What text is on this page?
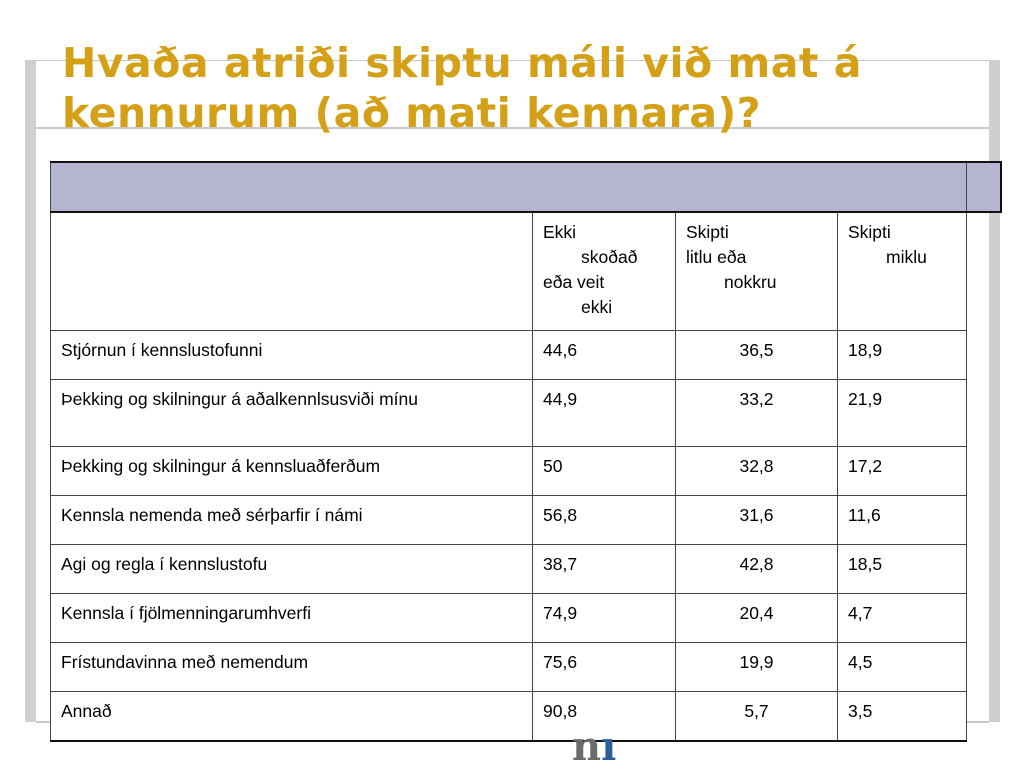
Hvaða atriði skiptu máli við mat á
kennurum (að mati kennara)?

	Ekki
skoðað
eða veit
ekki	Skipti
litlu eða
nokkru	Skipti
miklu	

Stjórnun í kennslustofunni	44,6	36,5	18,9	

Þekking og skilningur á aðalkennlsusviði mínu	44,9	33,2	21,9	
Þekking og skilningur á kennsluaðferðum	50	32,8	17,2	
Kennsla nemenda með sérþarfir í námi	56,8	31,6	11,6	
Agi og regla í kennslustofu	38,7	42,8	18,5	
Kennsla í fjölmenningarumhverfi	74,9	20,4	4,7	
Frístundavinna með nemendum	75,6	19,9	4,5	
Annað	90,8	5,7	3,5	
nı
